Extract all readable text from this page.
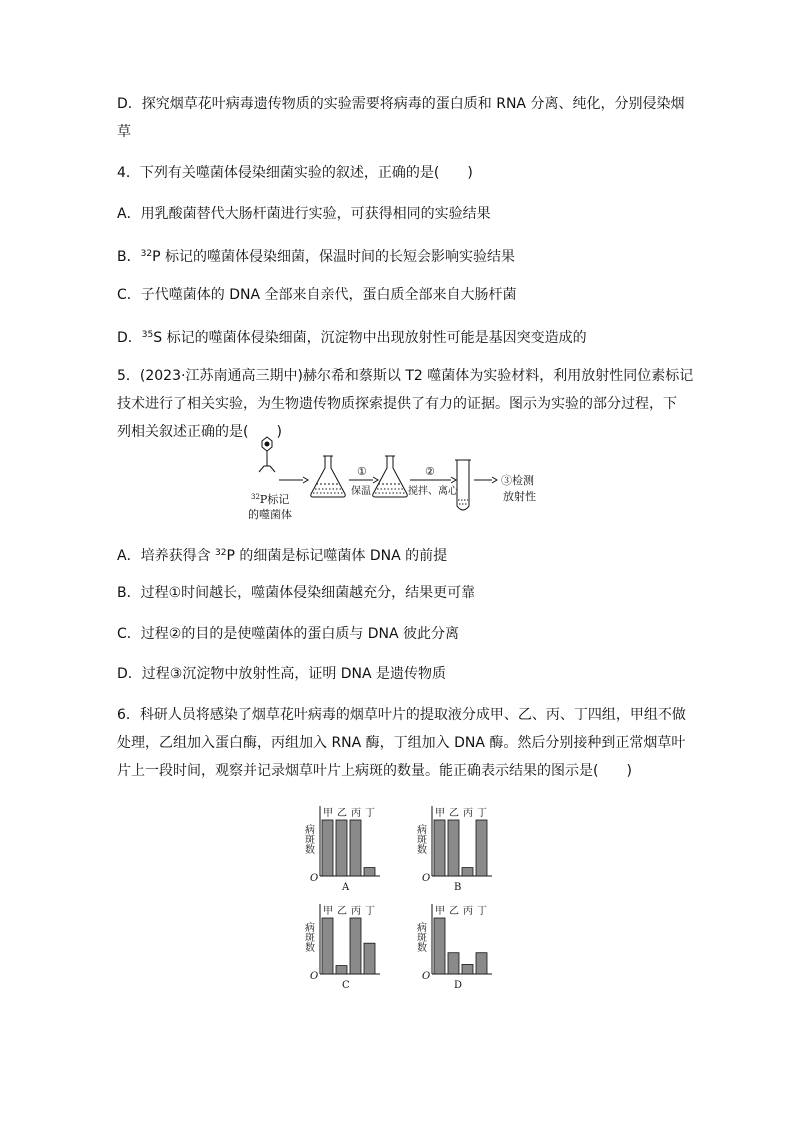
D．探究烟草花叶病毒遗传物质的实验需要将病毒的蛋白质和 RNA 分离、纯化，分别侵染烟
草
4．下列有关噬菌体侵染细菌实验的叙述，正确的是( )
A．用乳酸菌替代大肠杆菌进行实验，可获得相同的实验结果
B．$^{32}$P 标记的噬菌体侵染细菌，保温时间的长短会影响实验结果
C．子代噬菌体的 DNA 全部来自亲代，蛋白质全部来自大肠杆菌
D．$^{35}$S 标记的噬菌体侵染细菌，沉淀物中出现放射性可能是基因突变造成的
5．(2023·江苏南通高三期中)赫尔希和蔡斯以 T2 噬菌体为实验材料，利用放射性同位素标记
技术进行了相关实验，为生物遗传物质探索提供了有力的证据。图示为实验的部分过程，下
列相关叙述正确的是( )
$^{32}$P标记
的噬菌体
①
保温
②
搅拌、离心
③检测
放射性
A．培养获得含 $^{32}$P 的细菌是标记噬菌体 DNA 的前提
B．过程①时间越长，噬菌体侵染细菌越充分，结果更可靠
C．过程②的目的是使噬菌体的蛋白质与 DNA 彼此分离
D．过程③沉淀物中放射性高，证明 DNA 是遗传物质
6．科研人员将感染了烟草花叶病毒的烟草叶片的提取液分成甲、乙、丙、丁四组，甲组不做
处理，乙组加入蛋白酶，丙组加入 RNA 酶，丁组加入 DNA 酶。然后分别接种到正常烟草叶
片上一段时间，观察并记录烟草叶片上病斑的数量。能正确表示结果的图示是( )
病斑数
O
甲 乙 丙 丁
A
病斑数
O
甲 乙 丙 丁
B
病斑数
O
甲 乙 丙 丁
C
病斑数
O
甲 乙 丙 丁
D
